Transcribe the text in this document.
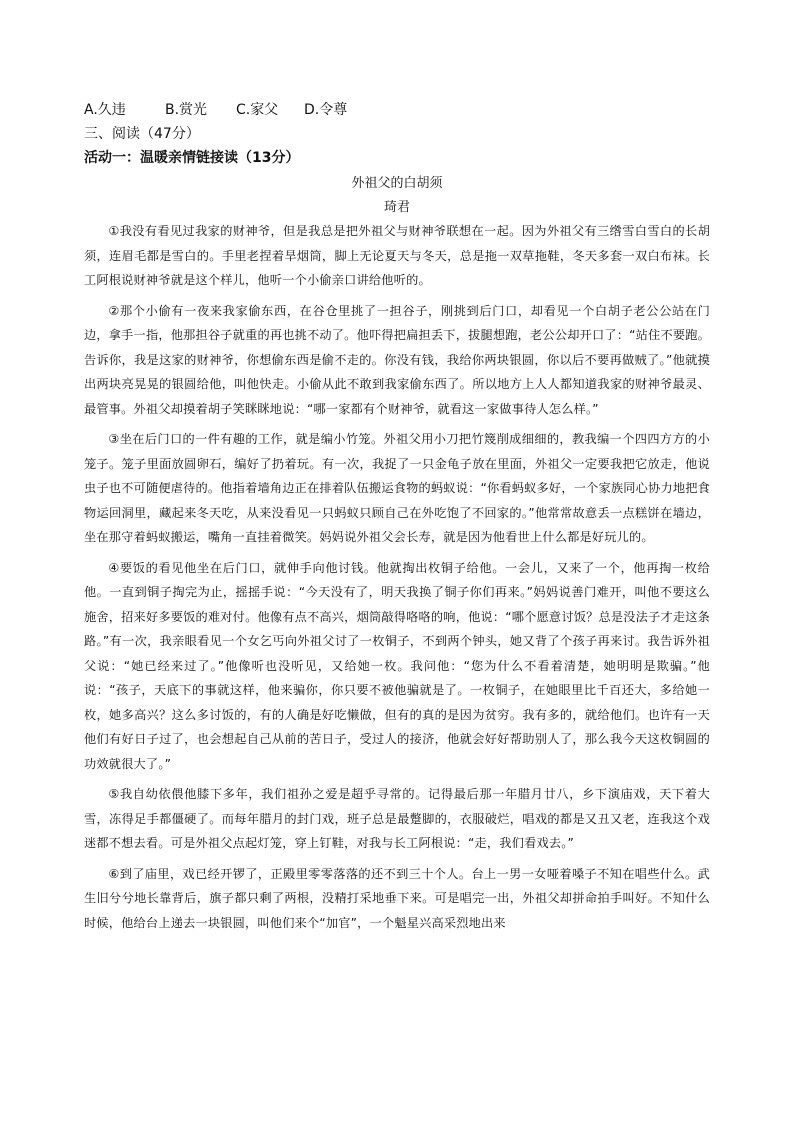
A.久违	B.赏光 C.家父 D.令尊
三、阅读（47分）
活动一：温暖亲情链接读（13分）
外祖父的白胡须
琦君

①我没有看见过我家的财神爷，但是我总是把外祖父与财神爷联想在一起。因为外祖父有三绺雪白雪白的长胡须，连眉毛都是雪白的。手里老捏着旱烟筒，脚上无论夏天与冬天，总是拖一双草拖鞋，冬天多套一双白布袜。长工阿根说财神爷就是这个样儿，他听一个小偷亲口讲给他听的。

②那个小偷有一夜来我家偷东西，在谷仓里挑了一担谷子，刚挑到后门口，却看见一个白胡子老公公站在门边，拿手一指，他那担谷子就重的再也挑不动了。他吓得把扁担丢下，拔腿想跑，老公公却开口了：“站住不要跑。告诉你，我是这家的财神爷，你想偷东西是偷不走的。你没有钱，我给你两块银圆，你以后不要再做贼了。”他就摸出两块亮晃晃的银圆给他，叫他快走。小偷从此不敢到我家偷东西了。所以地方上人人都知道我家的财神爷最灵、最管事。外祖父却摸着胡子笑眯眯地说：“哪一家都有个财神爷，就看这一家做事待人怎么样。”

③坐在后门口的一件有趣的工作，就是编小竹笼。外祖父用小刀把竹篾削成细细的，教我编一个四四方方的小笼子。笼子里面放圆卵石，编好了扔着玩。有一次，我捉了一只金龟子放在里面，外祖父一定要我把它放走，他说虫子也不可随便虐待的。他指着墙角边正在排着队伍搬运食物的蚂蚁说：“你看蚂蚁多好，一个家族同心协力地把食物运回洞里，藏起来冬天吃，从来没看见一只蚂蚁只顾自己在外吃饱了不回家的。”他常常故意丢一点糕饼在墙边，坐在那守着蚂蚁搬运，嘴角一直挂着微笑。妈妈说外祖父会长寿，就是因为他看世上什么都是好玩儿的。

④要饭的看见他坐在后门口，就伸手向他讨钱。他就掏出枚铜子给他。一会儿，又来了一个，他再掏一枚给他。一直到铜子掏完为止，摇摇手说：“今天没有了，明天我换了铜子你们再来。”妈妈说善门难开，叫他不要这么施舍，招来好多要饭的难对付。他像有点不高兴，烟筒敲得咯咯的响，他说：“哪个愿意讨饭？总是没法子才走这条路。”有一次，我亲眼看见一个女乞丐向外祖父讨了一枚铜子，不到两个钟头，她又背了个孩子再来讨。我告诉外祖父说：“她已经来过了。”他像听也没听见，又给她一枚。我问他：“您为什么不看着清楚，她明明是欺骗。”他说：“孩子，天底下的事就这样，他来骗你，你只要不被他骗就是了。一枚铜子，在她眼里比千百还大，多给她一枚，她多高兴？这么多讨饭的，有的人确是好吃懒做，但有的真的是因为贫穷。我有多的，就给他们。也许有一天他们有好日子过了，也会想起自己从前的苦日子，受过人的接济，他就会好好帮助别人了，那么我今天这枚铜圆的功效就很大了。”

⑤我自幼依偎他膝下多年，我们祖孙之爱是超乎寻常的。记得最后那一年腊月廿八，乡下演庙戏，天下着大雪，冻得足手都僵硬了。而每年腊月的封门戏，班子总是最蹩脚的，衣服破烂，唱戏的都是又丑又老，连我这个戏迷都不想去看。可是外祖父点起灯笼，穿上钉鞋，对我与长工阿根说：“走，我们看戏去。”

⑥到了庙里，戏已经开锣了，正殿里零零落落的还不到三十个人。台上一男一女哑着嗓子不知在唱些什么。武生旧兮兮地长靠背后，旗子都只剩了两根，没精打采地垂下来。可是唱完一出，外祖父却拼命拍手叫好。不知什么时候，他给台上递去一块银圆，叫他们来个“加官”，一个魁星兴高采烈地出来
